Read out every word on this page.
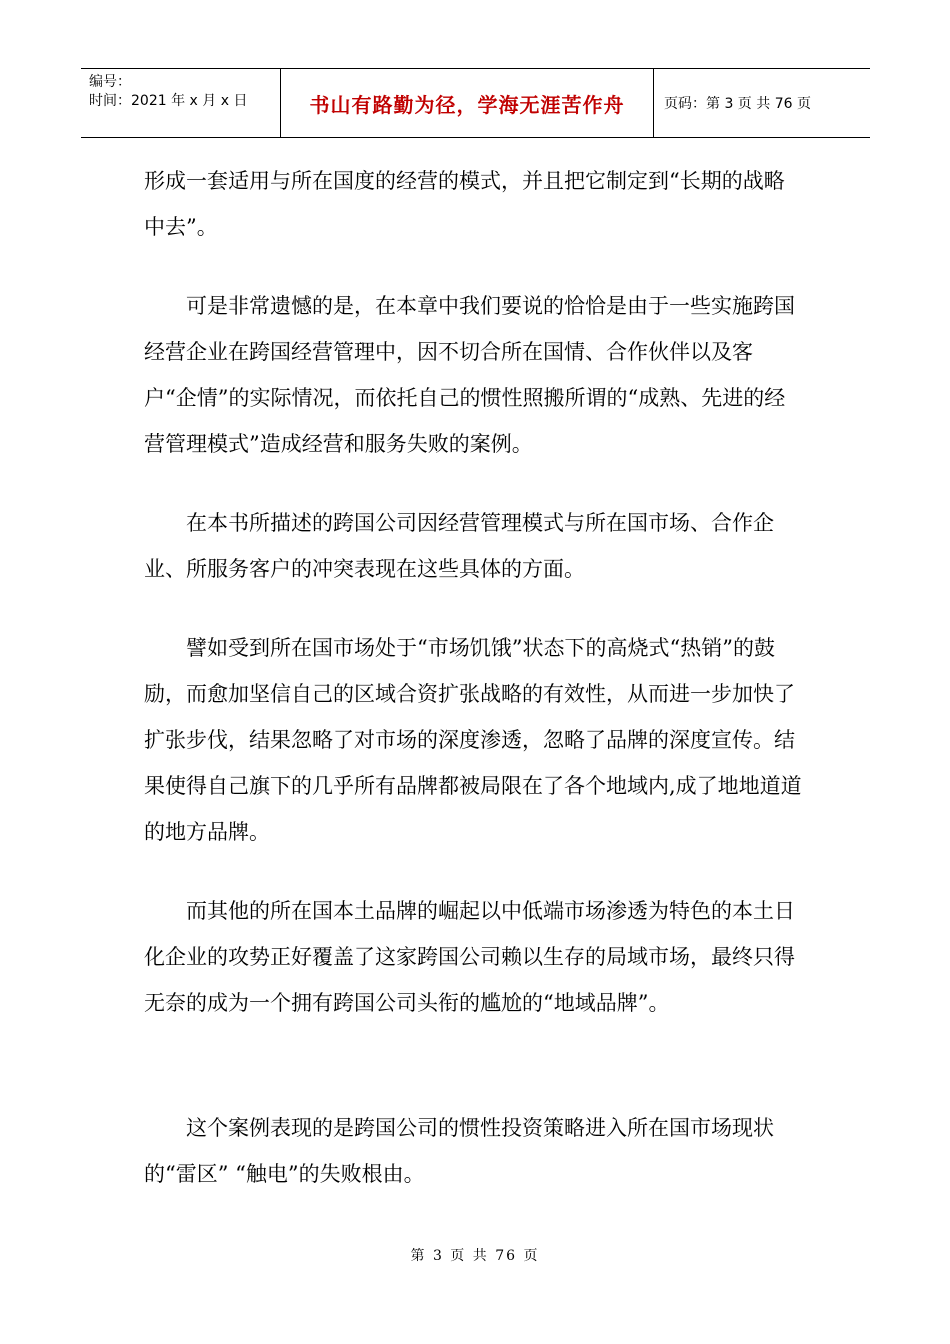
编号：
时间：2021 年 x 月 x 日	书山有路勤为径，学海无涯苦作舟	页码：第 3 页 共 76 页

形成一套适用与所在国度的经营的模式，并且把它制定到“长期的战略中去”。

可是非常遗憾的是，在本章中我们要说的恰恰是由于一些实施跨国经营企业在跨国经营管理中，因不切合所在国情、合作伙伴以及客户“企情”的实际情况，而依托自己的惯性照搬所谓的“成熟、先进的经营管理模式”造成经营和服务失败的案例。

在本书所描述的跨国公司因经营管理模式与所在国市场、合作企业、所服务客户的冲突表现在这些具体的方面。

譬如受到所在国市场处于“市场饥饿”状态下的高烧式“热销”的鼓励，而愈加坚信自己的区域合资扩张战略的有效性，从而进一步加快了扩张步伐，结果忽略了对市场的深度渗透，忽略了品牌的深度宣传。结果使得自己旗下的几乎所有品牌都被局限在了各个地域内,成了地地道道的地方品牌。

而其他的所在国本土品牌的崛起以中低端市场渗透为特色的本土日化企业的攻势正好覆盖了这家跨国公司赖以生存的局域市场，最终只得无奈的成为一个拥有跨国公司头衔的尴尬的“地域品牌”。

这个案例表现的是跨国公司的惯性投资策略进入所在国市场现状的“雷区” “触电”的失败根由。

第 3 页 共 76 页
